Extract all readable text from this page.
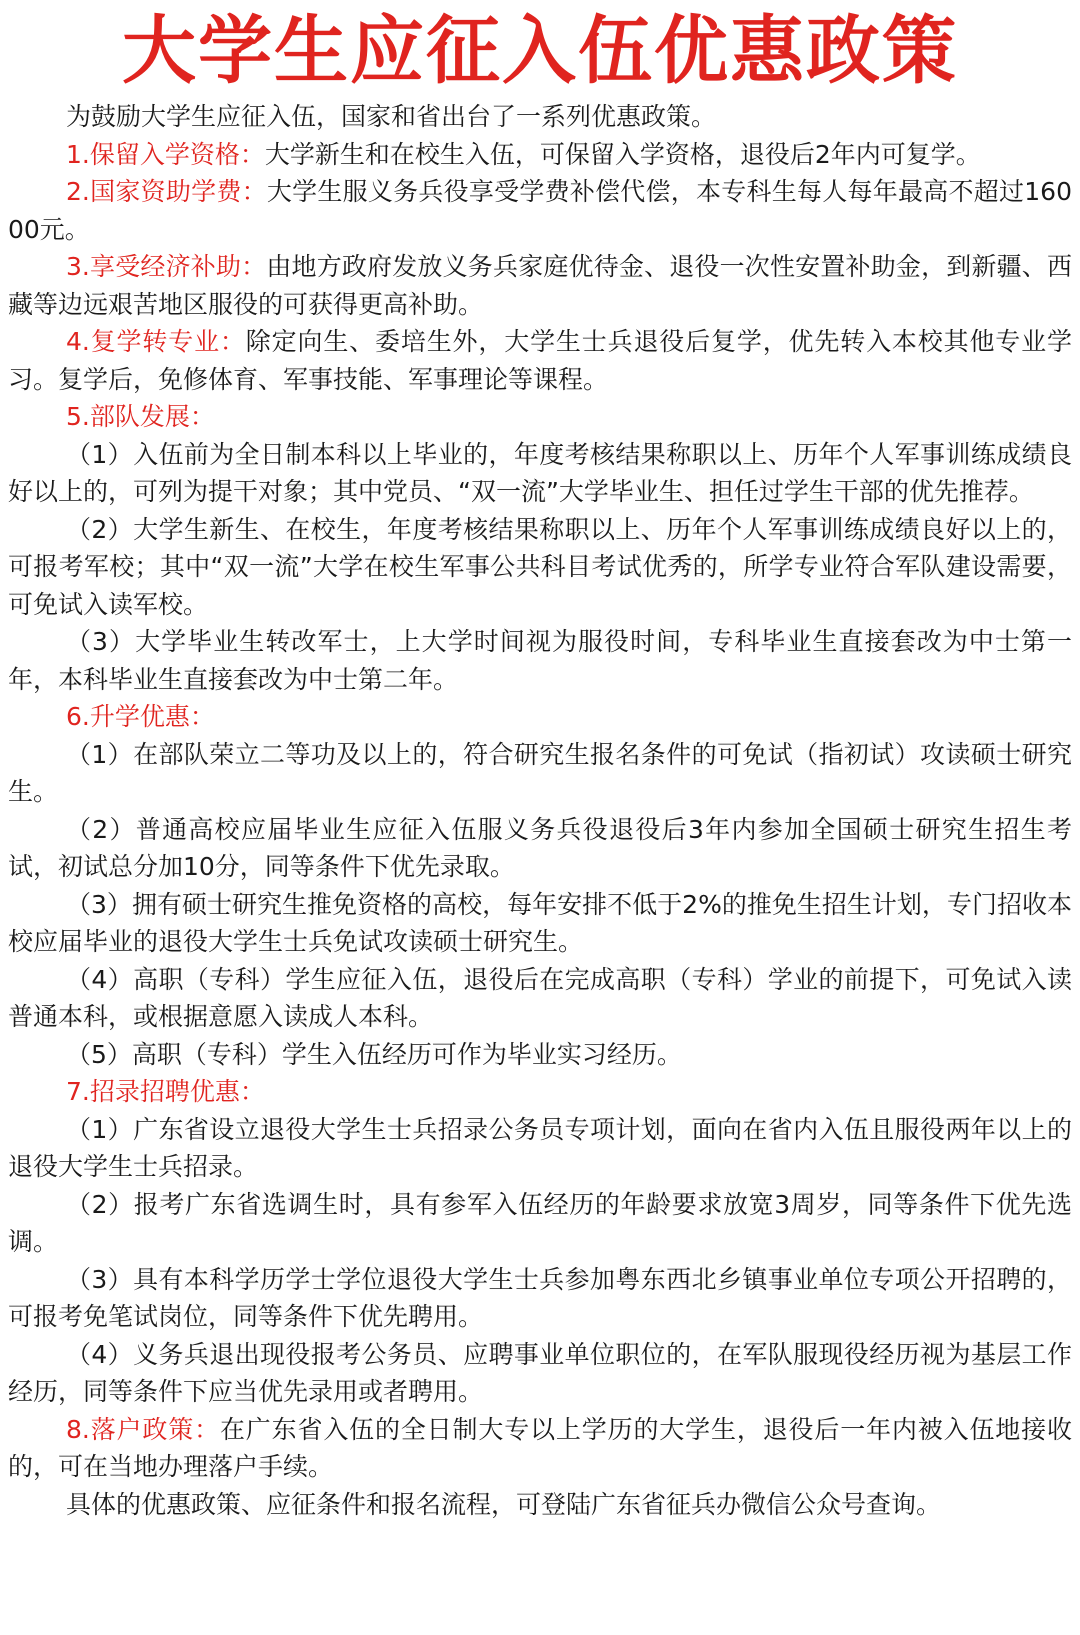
大学生应征入伍优惠政策

为鼓励大学生应征入伍，国家和省出台了一系列优惠政策。

1.保留入学资格：大学新生和在校生入伍，可保留入学资格，退役后2年内可复学。

2.国家资助学费：大学生服义务兵役享受学费补偿代偿，本专科生每人每年最高不超过16000元。

3.享受经济补助：由地方政府发放义务兵家庭优待金、退役一次性安置补助金，到新疆、西藏等边远艰苦地区服役的可获得更高补助。

4.复学转专业：除定向生、委培生外，大学生士兵退役后复学，优先转入本校其他专业学习。复学后，免修体育、军事技能、军事理论等课程。

5.部队发展：

（1）入伍前为全日制本科以上毕业的，年度考核结果称职以上、历年个人军事训练成绩良好以上的，可列为提干对象；其中党员、“双一流”大学毕业生、担任过学生干部的优先推荐。

（2）大学生新生、在校生，年度考核结果称职以上、历年个人军事训练成绩良好以上的，可报考军校；其中“双一流”大学在校生军事公共科目考试优秀的，所学专业符合军队建设需要，可免试入读军校。

（3）大学毕业生转改军士，上大学时间视为服役时间，专科毕业生直接套改为中士第一年，本科毕业生直接套改为中士第二年。

6.升学优惠：

（1）在部队荣立二等功及以上的，符合研究生报名条件的可免试（指初试）攻读硕士研究生。

（2）普通高校应届毕业生应征入伍服义务兵役退役后3年内参加全国硕士研究生招生考试，初试总分加10分，同等条件下优先录取。

（3）拥有硕士研究生推免资格的高校，每年安排不低于2%的推免生招生计划，专门招收本校应届毕业的退役大学生士兵免试攻读硕士研究生。

（4）高职（专科）学生应征入伍，退役后在完成高职（专科）学业的前提下，可免试入读普通本科，或根据意愿入读成人本科。

（5）高职（专科）学生入伍经历可作为毕业实习经历。

7.招录招聘优惠：

（1）广东省设立退役大学生士兵招录公务员专项计划，面向在省内入伍且服役两年以上的退役大学生士兵招录。

（2）报考广东省选调生时，具有参军入伍经历的年龄要求放宽3周岁，同等条件下优先选调。

（3）具有本科学历学士学位退役大学生士兵参加粤东西北乡镇事业单位专项公开招聘的，可报考免笔试岗位，同等条件下优先聘用。

（4）义务兵退出现役报考公务员、应聘事业单位职位的，在军队服现役经历视为基层工作经历，同等条件下应当优先录用或者聘用。

8.落户政策：在广东省入伍的全日制大专以上学历的大学生，退役后一年内被入伍地接收的，可在当地办理落户手续。

具体的优惠政策、应征条件和报名流程，可登陆广东省征兵办微信公众号查询。
